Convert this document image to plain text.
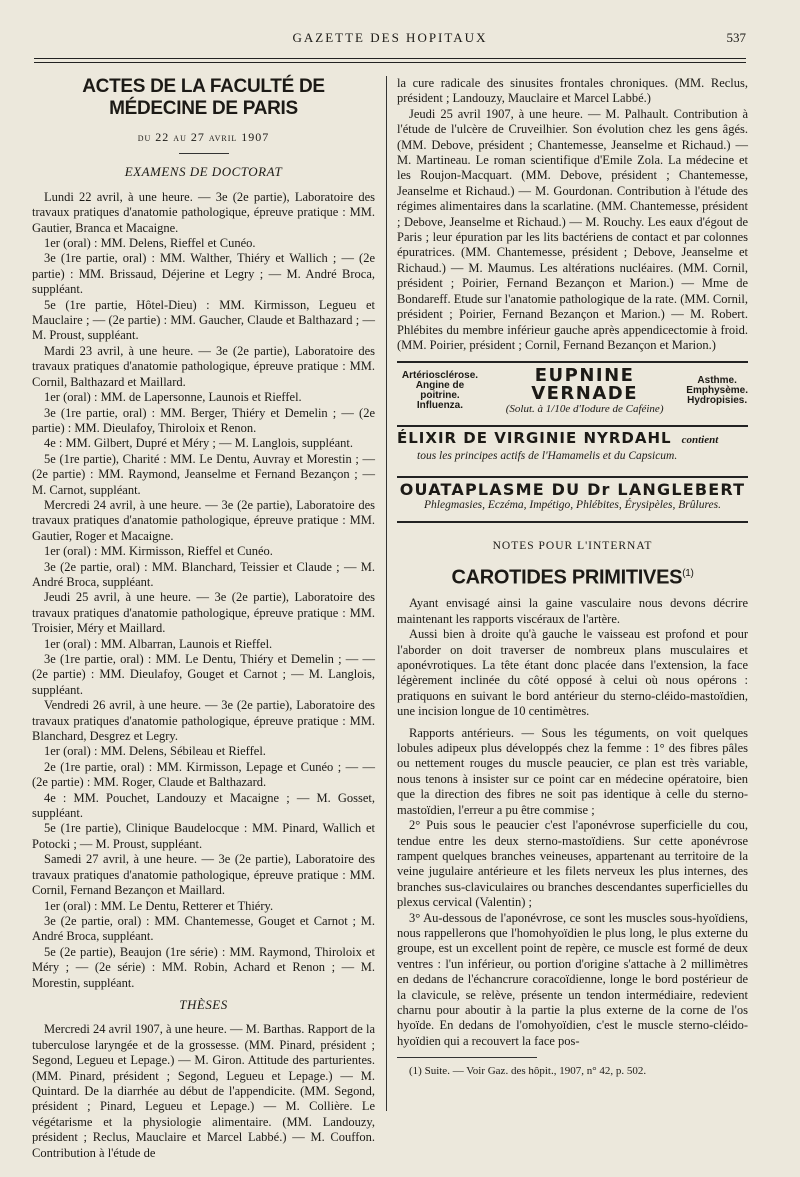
GAZETTE DES HOPITAUX	537
ACTES DE LA FACULTÉ DE MÉDECINE DE PARIS
du 22 au 27 avril 1907
EXAMENS DE DOCTORAT

Lundi 22 avril, à une heure. — 3e (2e partie), Laboratoire des travaux pratiques d'anatomie pathologique, épreuve pratique : MM. Gautier, Branca et Macaigne.

1er (oral) : MM. Delens, Rieffel et Cunéo.

3e (1re partie, oral) : MM. Walther, Thiéry et Wallich ; — (2e partie) : MM. Brissaud, Déjerine et Legry ; — M. André Broca, suppléant.

5e (1re partie, Hôtel-Dieu) : MM. Kirmisson, Legueu et Mauclaire ; — (2e partie) : MM. Gaucher, Claude et Balthazard ; — M. Proust, suppléant.

Mardi 23 avril, à une heure. — 3e (2e partie), Laboratoire des travaux pratiques d'anatomie pathologique, épreuve pratique : MM. Cornil, Balthazard et Maillard.

1er (oral) : MM. de Lapersonne, Launois et Rieffel.

3e (1re partie, oral) : MM. Berger, Thiéry et Demelin ; — (2e partie) : MM. Dieulafoy, Thiroloix et Renon.

4e : MM. Gilbert, Dupré et Méry ; — M. Langlois, suppléant.

5e (1re partie), Charité : MM. Le Dentu, Auvray et Morestin ; — (2e partie) : MM. Raymond, Jeanselme et Fernand Bezançon ; — M. Carnot, suppléant.

Mercredi 24 avril, à une heure. — 3e (2e partie), Laboratoire des travaux pratiques d'anatomie pathologique, épreuve pratique : MM. Gautier, Roger et Macaigne.

1er (oral) : MM. Kirmisson, Rieffel et Cunéo.

3e (2e partie, oral) : MM. Blanchard, Teissier et Claude ; — M. André Broca, suppléant.

Jeudi 25 avril, à une heure. — 3e (2e partie), Laboratoire des travaux pratiques d'anatomie pathologique, épreuve pratique : MM. Troisier, Méry et Maillard.

1er (oral) : MM. Albarran, Launois et Rieffel.

3e (1re partie, oral) : MM. Le Dentu, Thiéry et Demelin ; — — (2e partie) : MM. Dieulafoy, Gouget et Carnot ; — M. Langlois, suppléant.

Vendredi 26 avril, à une heure. — 3e (2e partie), Laboratoire des travaux pratiques d'anatomie pathologique, épreuve pratique : MM. Blanchard, Desgrez et Legry.

1er (oral) : MM. Delens, Sébileau et Rieffel.

2e (1re partie, oral) : MM. Kirmisson, Lepage et Cunéo ; — — (2e partie) : MM. Roger, Claude et Balthazard.

4e : MM. Pouchet, Landouzy et Macaigne ; — M. Gosset, suppléant.

5e (1re partie), Clinique Baudelocque : MM. Pinard, Wallich et Potocki ; — M. Proust, suppléant.

Samedi 27 avril, à une heure. — 3e (2e partie), Laboratoire des travaux pratiques d'anatomie pathologique, épreuve pratique : MM. Cornil, Fernand Bezançon et Maillard.

1er (oral) : MM. Le Dentu, Retterer et Thiéry.

3e (2e partie, oral) : MM. Chantemesse, Gouget et Carnot ; M. André Broca, suppléant.

5e (2e partie), Beaujon (1re série) : MM. Raymond, Thiroloix et Méry ; — (2e série) : MM. Robin, Achard et Renon ; — M. Morestin, suppléant.

THÈSES

Mercredi 24 avril 1907, à une heure. — M. Barthas. Rapport de la tuberculose laryngée et de la grossesse. (MM. Pinard, président ; Segond, Legueu et Lepage.) — M. Giron. Attitude des parturientes. (MM. Pinard, président ; Segond, Legueu et Lepage.) — M. Quintard. De la diarrhée au début de l'appendicite. (MM. Segond, président ; Pinard, Legueu et Lepage.) — M. Collière. Le végétarisme et la physiologie alimentaire. (MM. Landouzy, président ; Reclus, Mauclaire et Marcel Labbé.) — M. Couffon. Contribution à l'étude de

la cure radicale des sinusites frontales chroniques. (MM. Reclus, président ; Landouzy, Mauclaire et Marcel Labbé.)

Jeudi 25 avril 1907, à une heure. — M. Palhault. Contribution à l'étude de l'ulcère de Cruveilhier. Son évolution chez les gens âgés. (MM. Debove, président ; Chantemesse, Jeanselme et Richaud.) — M. Martineau. Le roman scientifique d'Emile Zola. La médecine et les Roujon-Macquart. (MM. Debove, président ; Chantemesse, Jeanselme et Richaud.) — M. Gourdonan. Contribution à l'étude des régimes alimentaires dans la scarlatine. (MM. Chantemesse, président ; Debove, Jeanselme et Richaud.) — M. Rouchy. Les eaux d'égout de Paris ; leur épuration par les lits bactériens de contact et par colonnes épuratrices. (MM. Chantemesse, président ; Debove, Jeanselme et Richaud.) — M. Maumus. Les altérations nucléaires. (MM. Cornil, président ; Poirier, Fernand Bezançon et Marion.) — Mme de Bondareff. Etude sur l'anatomie pathologique de la rate. (MM. Cornil, président ; Poirier, Fernand Bezançon et Marion.) — M. Robert. Phlébites du membre inférieur gauche après appendicectomie à froid. (MM. Poirier, président ; Cornil, Fernand Bezançon et Marion.)

Artériosclérose.
Angine de poitrine.
Influenza.
EUPNINE VERNADE
(Solut. à 1/10e d'Iodure de Caféine)
Asthme.
Emphysème.
Hydropisies.
ÉLIXIR DE VIRGINIE NYRDAHL contient
tous les principes actifs de l'Hamamelis et du Capsicum.
OUATAPLASME DU Dr LANGLEBERT
Phlegmasies, Eczéma, Impétigo, Phlébites, Érysipèles, Brûlures.
NOTES POUR L'INTERNAT
CAROTIDES PRIMITIVES$^{(1)}$

Ayant envisagé ainsi la gaine vasculaire nous devons décrire maintenant les rapports viscéraux de l'artère.

Aussi bien à droite qu'à gauche le vaisseau est profond et pour l'aborder on doit traverser de nombreux plans musculaires et aponévrotiques. La tête étant donc placée dans l'extension, la face légèrement inclinée du côté opposé à celui où nous opérons : pratiquons en suivant le bord antérieur du sterno-cléido-mastoïdien, une incision longue de 10 centimètres.

Rapports antérieurs. — Sous les téguments, on voit quelques lobules adipeux plus développés chez la femme : 1° des fibres pâles ou nettement rouges du muscle peaucier, ce plan est très variable, nous tenons à insister sur ce point car en médecine opératoire, bien que la direction des fibres ne soit pas identique à celle du sterno-mastoïdien, l'erreur a pu être commise ;

2° Puis sous le peaucier c'est l'aponévrose superficielle du cou, tendue entre les deux sterno-mastoïdiens. Sur cette aponévrose rampent quelques branches veineuses, appartenant au territoire de la veine jugulaire antérieure et les filets nerveux les plus internes, des branches sus-claviculaires ou branches descendantes superficielles du plexus cervical (Valentin) ;

3° Au-dessous de l'aponévrose, ce sont les muscles sous-hyoïdiens, nous rappellerons que l'homohyoïdien le plus long, le plus externe du groupe, est un excellent point de repère, ce muscle est formé de deux ventres : l'un inférieur, ou portion d'origine s'attache à 2 millimètres en dedans de l'échancrure coracoïdienne, longe le bord postérieur de la clavicule, se relève, présente un tendon intermédiaire, redevient charnu pour aboutir à la partie la plus externe de la corne de l'os hyoïde. En dedans de l'omohyoïdien, c'est le muscle sterno-cléido-hyoïdien qui a recouvert la face pos-

(1) Suite. — Voir Gaz. des hôpit., 1907, n° 42, p. 502.
